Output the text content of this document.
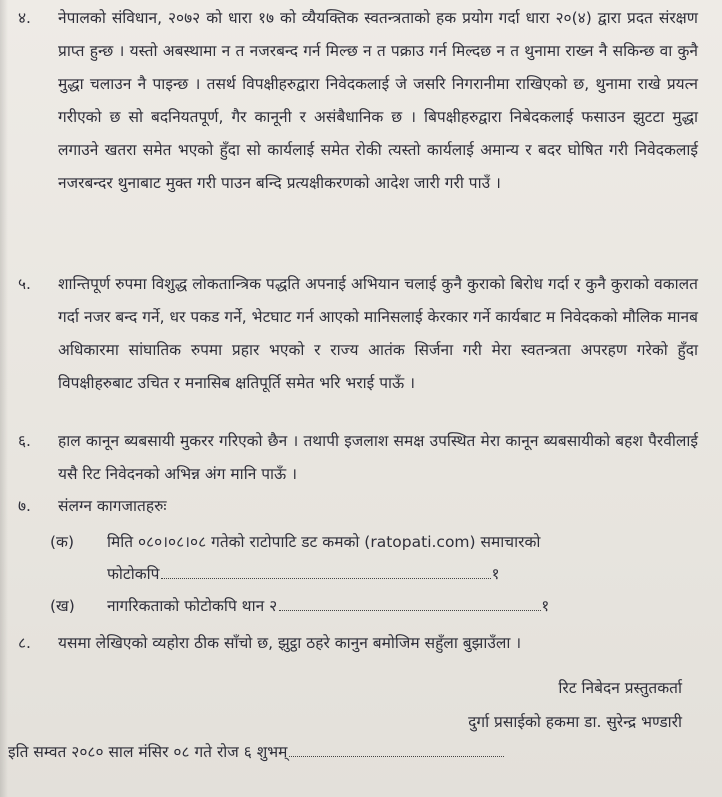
४.	नेपालको संविधान, २०७२ को धारा १७ को व्यैयक्तिक स्वतन्त्रताको हक प्रयोग गर्दा धारा २०(४) द्वारा प्रदत संरक्षण प्राप्त हुन्छ । यस्तो अबस्थामा न त नजरबन्द गर्न मिल्छ न त पक्राउ गर्न मिल्दछ न त थुनामा राख्न नै सकिन्छ वा कुनै मुद्धा चलाउन नै पाइन्छ । तसर्थ विपक्षीहरुद्वारा निवेदकलाई जे जसरि निगरानीमा राखिएको छ, थुनामा राखे प्रयत्न गरीएको छ सो बदनियतपूर्ण, गैर कानूनी र असंबैधानिक छ । बिपक्षीहरुद्वारा निबेदकलाई फसाउन झुटटा मुद्धा लगाउने खतरा समेत भएको हुँदा सो कार्यलाई समेत रोकी त्यस्तो कार्यलाई अमान्य र बदर घोषित गरी निवेदकलाई नजरबन्दर थुनाबाट मुक्त गरी पाउन बन्दि प्रत्यक्षीकरणको आदेश जारी गरी पाउँ ।
५.	शान्तिपूर्ण रुपमा विशुद्ध लोकतान्त्रिक पद्धति अपनाई अभियान चलाई कुनै कुराको बिरोध गर्दा र कुनै कुराको वकालत गर्दा नजर बन्द गर्ने, धर पकड गर्ने, भेटघाट गर्न आएको मानिसलाई केरकार गर्ने कार्यबाट म निवेदकको मौलिक मानब अधिकारमा सांघातिक रुपमा प्रहार भएको र राज्य आतंक सिर्जना गरी मेरा स्वतन्त्रता अपरहण गरेको हुँदा विपक्षीहरुबाट उचित र मनासिब क्षतिपूर्ति समेत भरि भराई पाऊँ ।
६.	हाल कानून ब्यबसायी मुकरर गरिएको छैन । तथापी इजलाश समक्ष उपस्थित मेरा कानून ब्यबसायीको बहश पैरवीलाई यसै रिट निवेदनको अभिन्न अंग मानि पाऊँ ।
७.	संलग्न कागजातहरुः
(क) मिति ०८०।०८।०८ गतेको राटोपाटि डट कमको (ratopati.com) समाचारको
फोटोकपि	१
(ख) नागरिकताको फोटोकपि थान २	१
८.	यसमा लेखिएको व्यहोरा ठीक साँचो छ, झुट्ठा ठहरे कानुन बमोजिम सहुँला बुझाउँला ।
रिट निबेदन प्रस्तुतकर्ता
दुर्गा प्रसाईको हकमा डा. सुरेन्द्र भण्डारी
इति सम्वत २०८० साल मंसिर ०८ गते रोज ६ शुभम्
